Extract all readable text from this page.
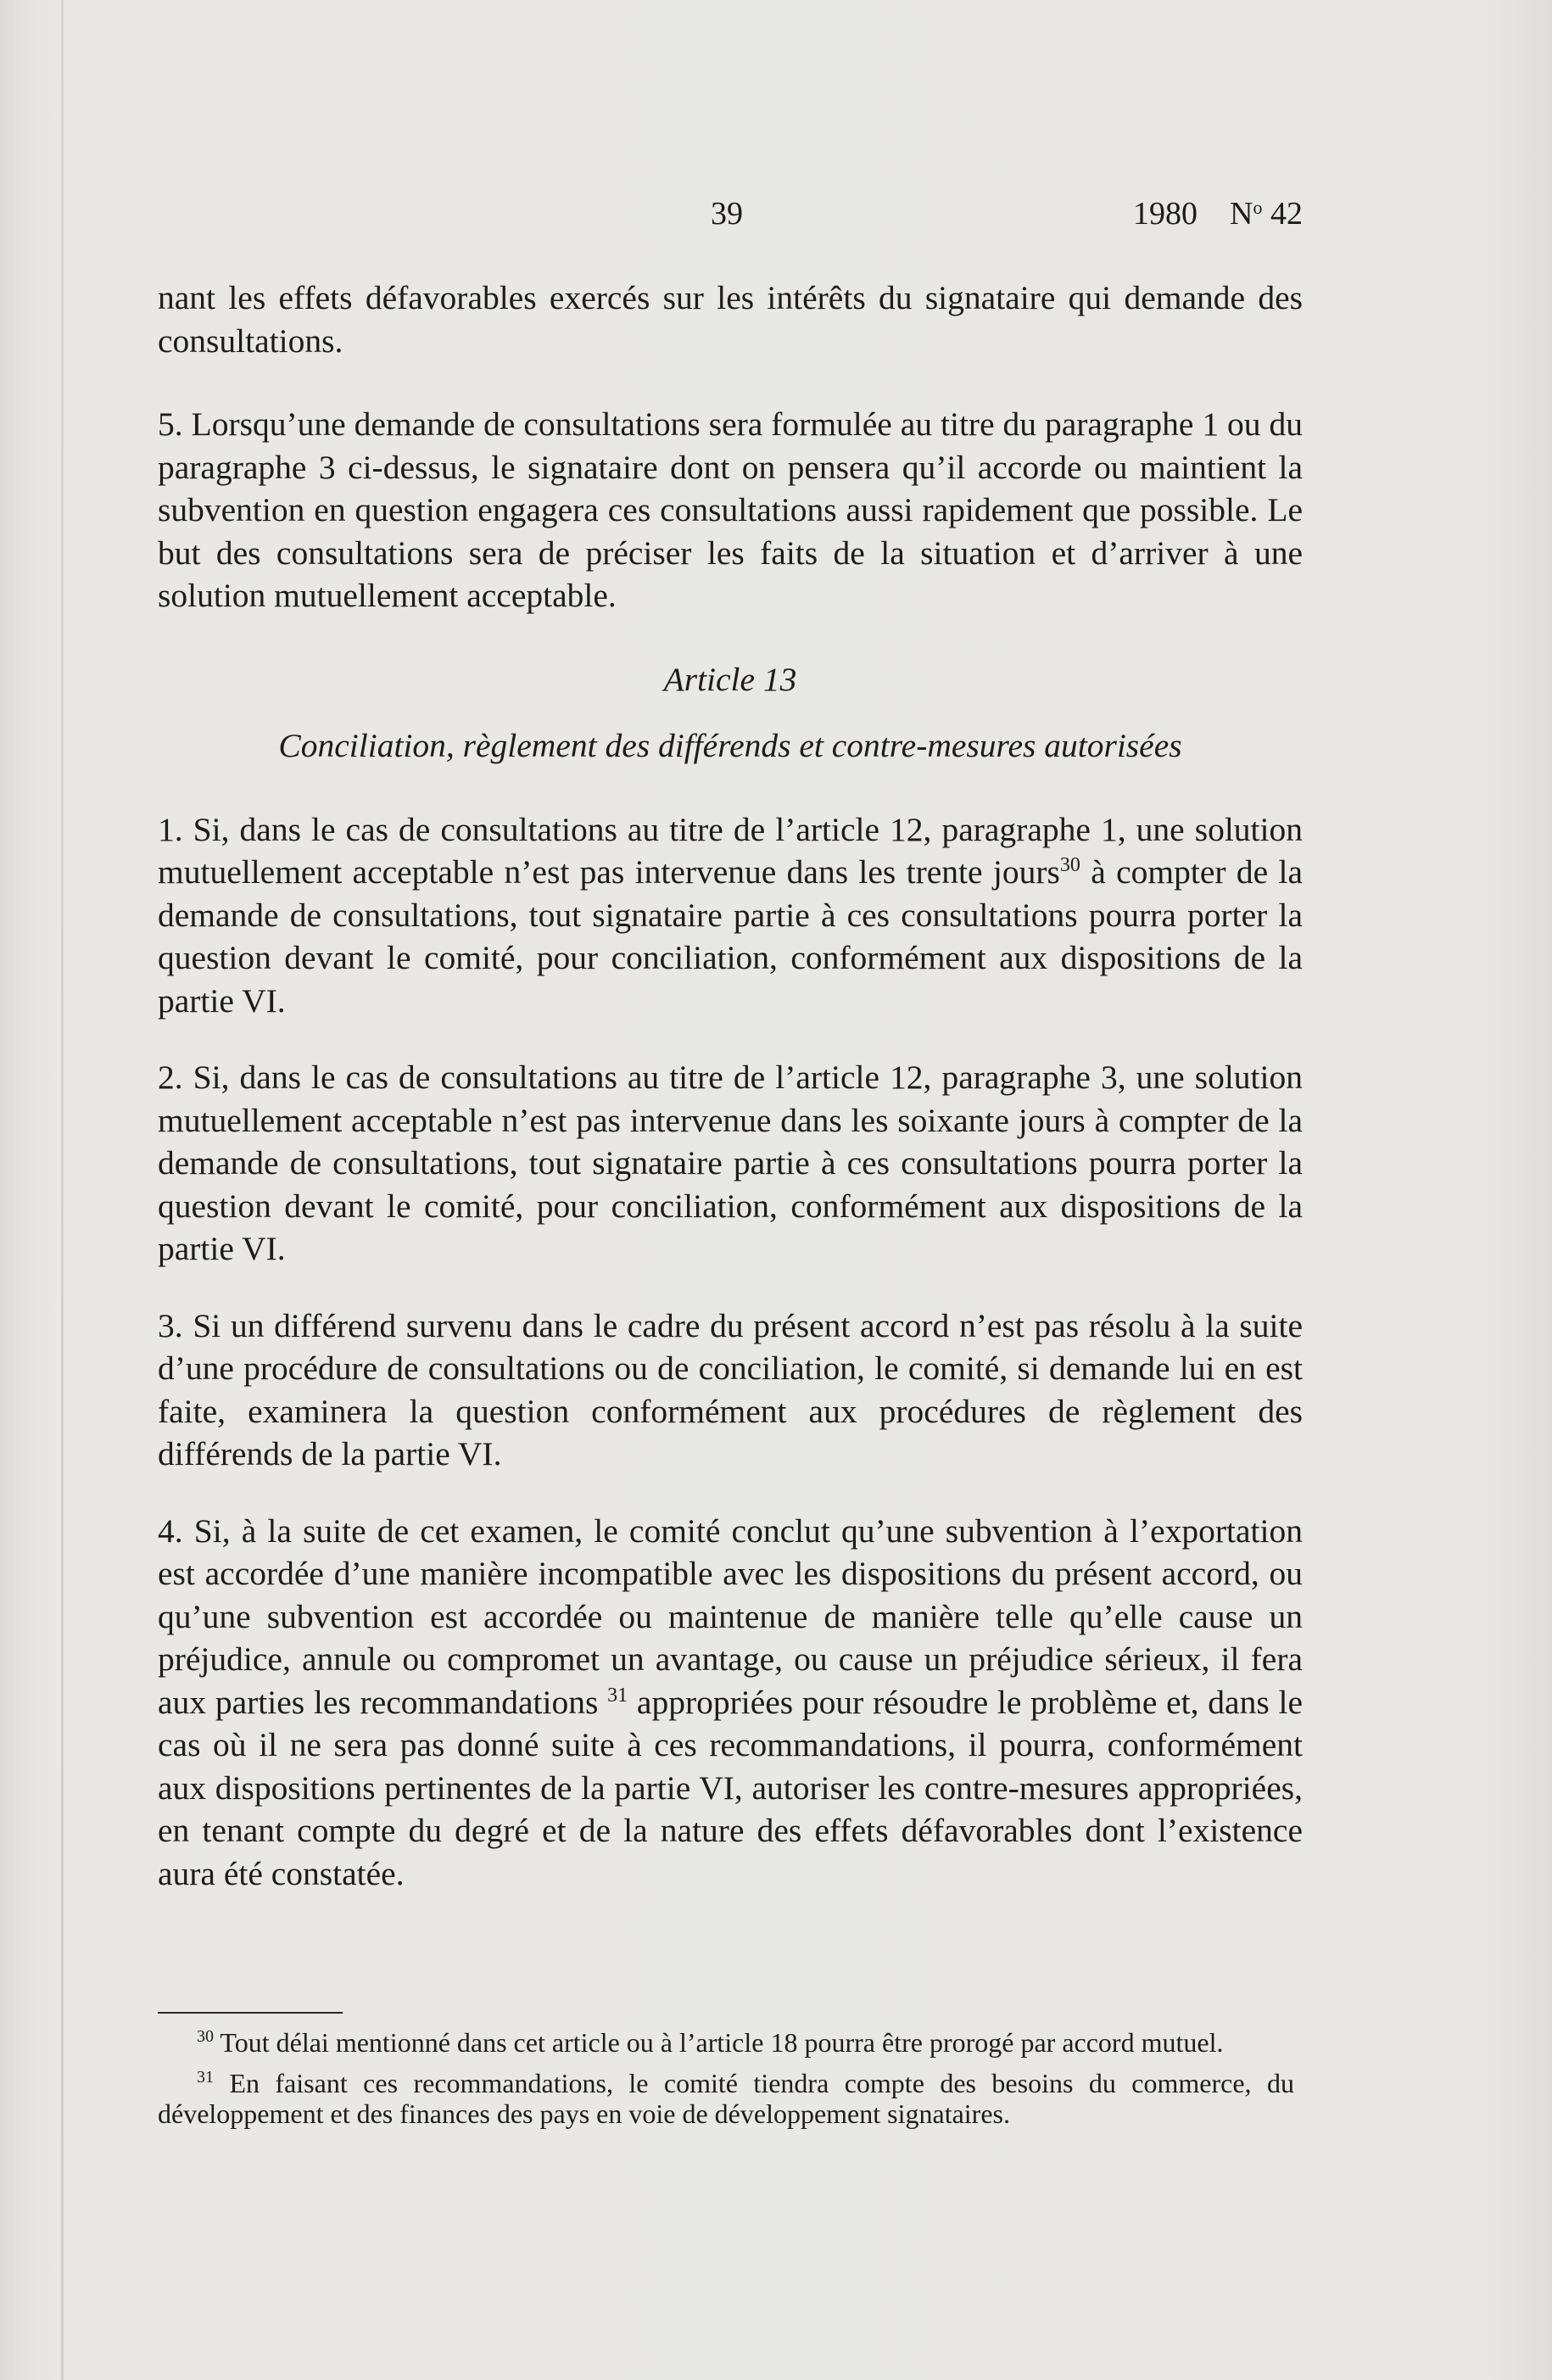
39	1980 $N^o$ 42

nant les effets défavorables exercés sur les intérêts du signataire qui demande des consultations.

5. Lorsqu’une demande de consultations sera formulée au titre du paragraphe 1 ou du paragraphe 3 ci-dessus, le signataire dont on pensera qu’il accorde ou maintient la subvention en question engagera ces consultations aussi rapidement que possible. Le but des consultations sera de préciser les faits de la situation et d’arriver à une solution mutuellement acceptable.

Article 13

Conciliation, règlement des différends et contre-mesures autorisées

1. Si, dans le cas de consultations au titre de l’article 12, paragraphe 1, une solution mutuellement acceptable n’est pas intervenue dans les trente jours$^{30}$ à compter de la demande de consultations, tout signataire partie à ces consultations pourra porter la question devant le comité, pour conciliation, conformément aux dispositions de la partie VI.

2. Si, dans le cas de consultations au titre de l’article 12, paragraphe 3, une solution mutuellement acceptable n’est pas intervenue dans les soixante jours à compter de la demande de consultations, tout signataire partie à ces consultations pourra porter la question devant le comité, pour conciliation, conformément aux dispositions de la partie VI.

3. Si un différend survenu dans le cadre du présent accord n’est pas résolu à la suite d’une procédure de consultations ou de conciliation, le comité, si demande lui en est faite, examinera la question conformément aux procédures de règlement des différends de la partie VI.

4. Si, à la suite de cet examen, le comité conclut qu’une subvention à l’exportation est accordée d’une manière incompatible avec les dispositions du présent accord, ou qu’une subvention est accordée ou maintenue de manière telle qu’elle cause un préjudice, annule ou compromet un avantage, ou cause un préjudice sérieux, il fera aux parties les recommandations $^{31}$ appropriées pour résoudre le problème et, dans le cas où il ne sera pas donné suite à ces recommandations, il pourra, conformément aux dispositions pertinentes de la partie VI, autoriser les contre-mesures appropriées, en tenant compte du degré et de la nature des effets défavorables dont l’existence aura été constatée.

$^{30}$ Tout délai mentionné dans cet article ou à l’article 18 pourra être prorogé par accord mutuel.

$^{31}$ En faisant ces recommandations, le comité tiendra compte des besoins du commerce, du développement et des finances des pays en voie de développement signataires.
